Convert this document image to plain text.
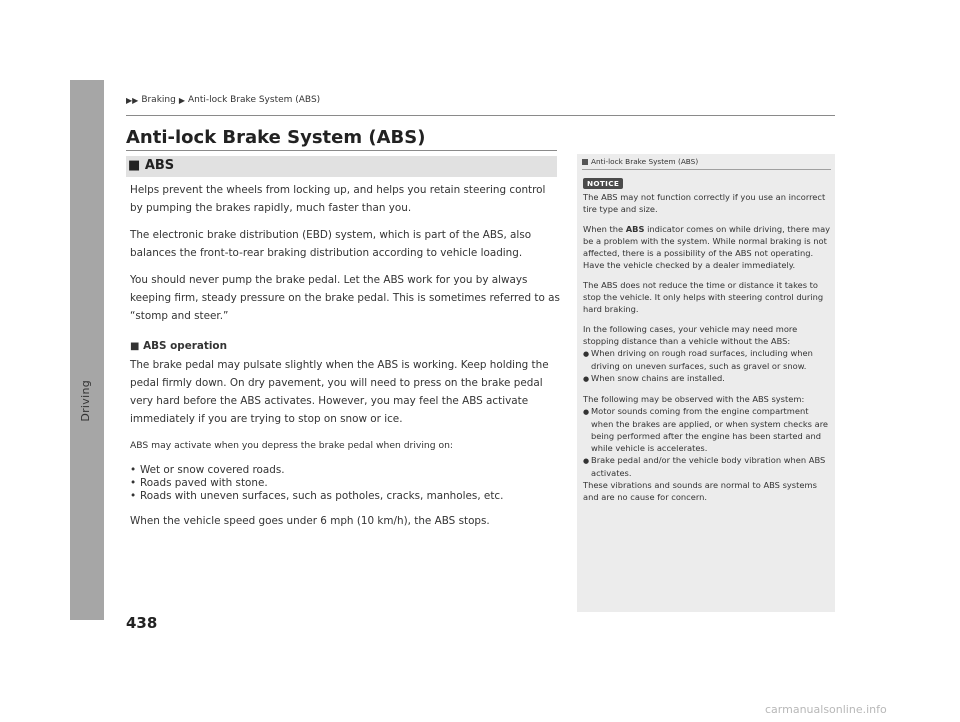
Driving
▶▶ Braking ▶ Anti-lock Brake System (ABS)
Anti-lock Brake System (ABS)
■ ABS

Helps prevent the wheels from locking up, and helps you retain steering control by pumping the brakes rapidly, much faster than you.

The electronic brake distribution (EBD) system, which is part of the ABS, also balances the front-to-rear braking distribution according to vehicle loading.

You should never pump the brake pedal. Let the ABS work for you by always keeping firm, steady pressure on the brake pedal. This is sometimes referred to as “stomp and steer.”

■ ABS operation

The brake pedal may pulsate slightly when the ABS is working. Keep holding the pedal firmly down. On dry pavement, you will need to press on the brake pedal very hard before the ABS activates. However, you may feel the ABS activate immediately if you are trying to stop on snow or ice.

ABS may activate when you depress the brake pedal when driving on:

• Wet or snow covered roads.
• Roads paved with stone.
• Roads with uneven surfaces, such as potholes, cracks, manholes, etc.

When the vehicle speed goes under 6 mph (10 km/h), the ABS stops.

Anti-lock Brake System (ABS)
NOTICE

The ABS may not function correctly if you use an incorrect tire type and size.

When the ABS indicator comes on while driving, there may be a problem with the system. While normal braking is not affected, there is a possibility of the ABS not operating. Have the vehicle checked by a dealer immediately.

The ABS does not reduce the time or distance it takes to stop the vehicle. It only helps with steering control during hard braking.

In the following cases, your vehicle may need more stopping distance than a vehicle without the ABS:

● When driving on rough road surfaces, including when driving on uneven surfaces, such as gravel or snow.
● When snow chains are installed.

The following may be observed with the ABS system:

● Motor sounds coming from the engine compartment when the brakes are applied, or when system checks are being performed after the engine has been started and while vehicle is accelerates.
● Brake pedal and/or the vehicle body vibration when ABS activates.

These vibrations and sounds are normal to ABS systems and are no cause for concern.

438
carmanualsonline.info
